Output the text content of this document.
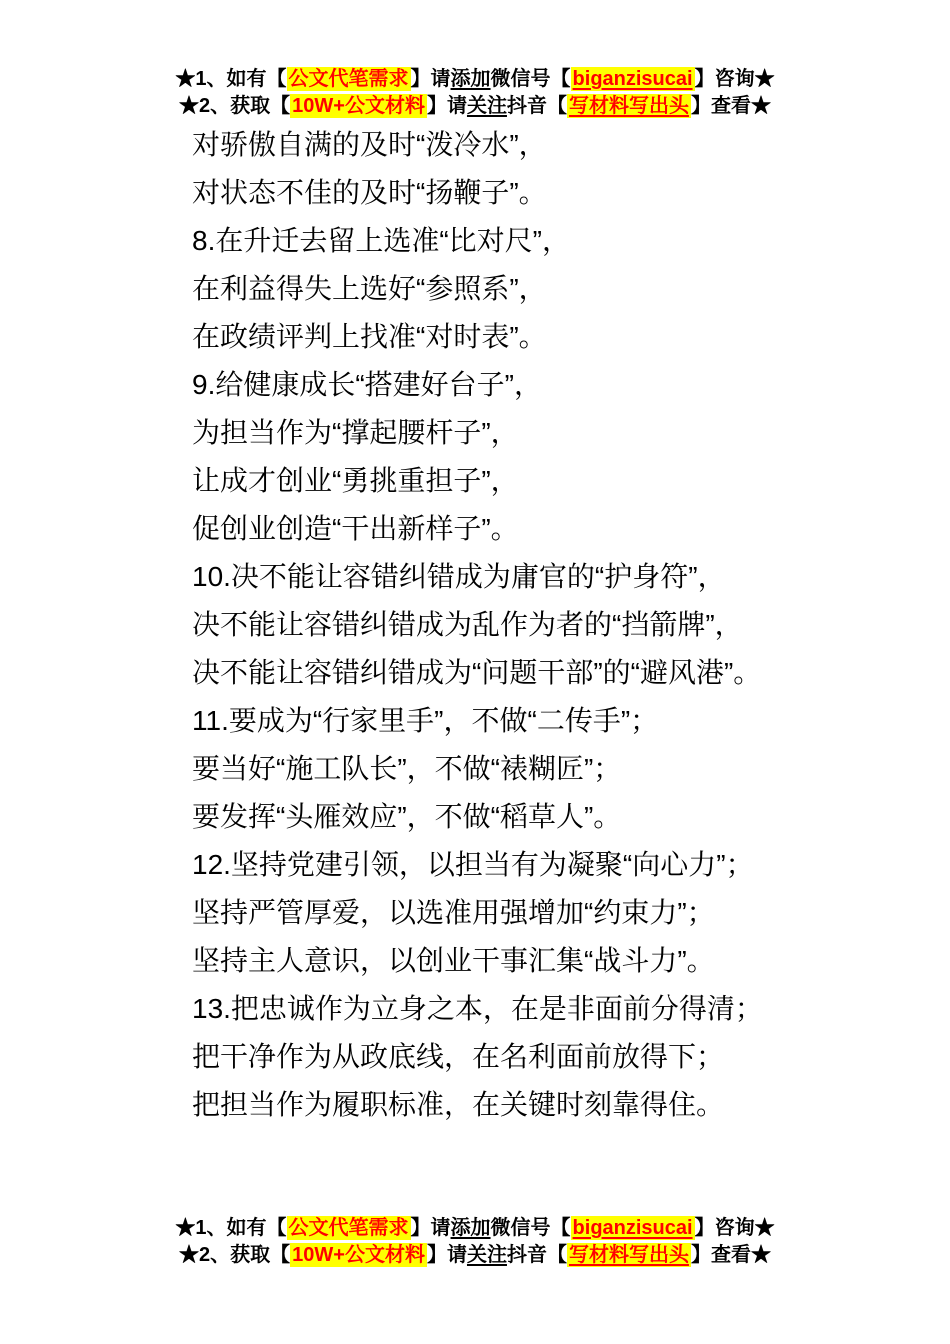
★1、如有【 公文代笔需求 】请添加微信号【 biganzisucai 】咨询★
★2、获取【 10W+公文材料 】请关注抖音【 写材料写出头 】查看★

对骄傲自满的及时“泼冷水”，

对状态不佳的及时“扬鞭子”。

8.在升迁去留上选准“比对尺”，

在利益得失上选好“参照系”，

在政绩评判上找准“对时表”。

9.给健康成长“搭建好台子”，

为担当作为“撑起腰杆子”，

让成才创业“勇挑重担子”，

促创业创造“干出新样子”。

10.决不能让容错纠错成为庸官的“护身符”，

决不能让容错纠错成为乱作为者的“挡箭牌”，

决不能让容错纠错成为“问题干部”的“避风港”。

11.要成为“行家里手”，不做“二传手”；

要当好“施工队长”，不做“裱糊匠”；

要发挥“头雁效应”，不做“稻草人”。

12.坚持党建引领，以担当有为凝聚“向心力”；

坚持严管厚爱，以选准用强增加“约束力”；

坚持主人意识，以创业干事汇集“战斗力”。

13.把忠诚作为立身之本，在是非面前分得清；

把干净作为从政底线，在名利面前放得下；

把担当作为履职标准，在关键时刻靠得住。

★1、如有【 公文代笔需求 】请添加微信号【 biganzisucai 】咨询★
★2、获取【 10W+公文材料 】请关注抖音【 写材料写出头 】查看★
